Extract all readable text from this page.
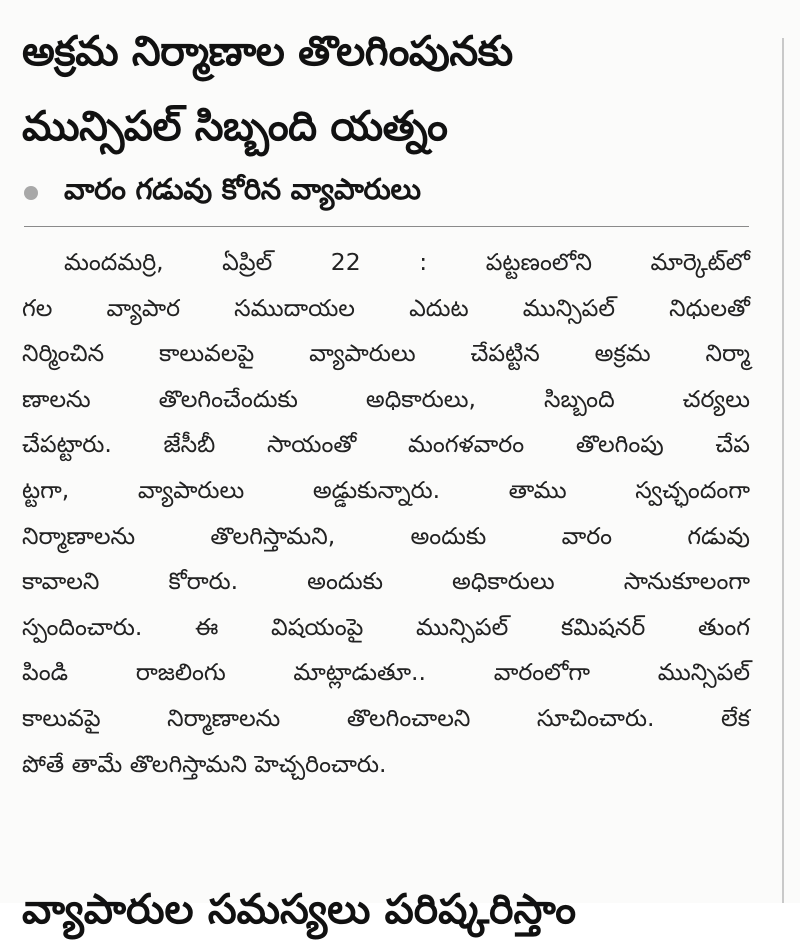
అక్రమ నిర్మాణాల తొలగింపునకు
మున్సిపల్ సిబ్బంది యత్నం
వారం గడువు కోరిన వ్యాపారులు
మందమర్రి, ఏప్రిల్ 22 : పట్టణంలోని మార్కెట్‌లో
గల వ్యాపార సముదాయల ఎదుట మున్సిపల్ నిధులతో
నిర్మించిన కాలువలపై వ్యాపారులు చేపట్టిన అక్రమ నిర్మా
ణాలను తొలగించేందుకు అధికారులు, సిబ్బంది చర్యలు
చేపట్టారు. జేసీబీ సాయంతో మంగళవారం తొలగింపు చేప
ట్టగా, వ్యాపారులు అడ్డుకున్నారు. తాము స్వచ్ఛందంగా
నిర్మాణాలను తొలగిస్తామని, అందుకు వారం గడువు
కావాలని కోరారు. అందుకు అధికారులు సానుకూలంగా
స్పందించారు. ఈ విషయంపై మున్సిపల్ కమిషనర్ తుంగ
పిండి రాజలింగు మాట్లాడుతూ.. వారంలోగా మున్సిపల్
కాలువపై నిర్మాణాలను తొలగించాలని సూచించారు. లేక
పోతే తామే తొలగిస్తామని హెచ్చరించారు.
వ్యాపారుల సమస్యలు పరిష్కరిస్తాం
